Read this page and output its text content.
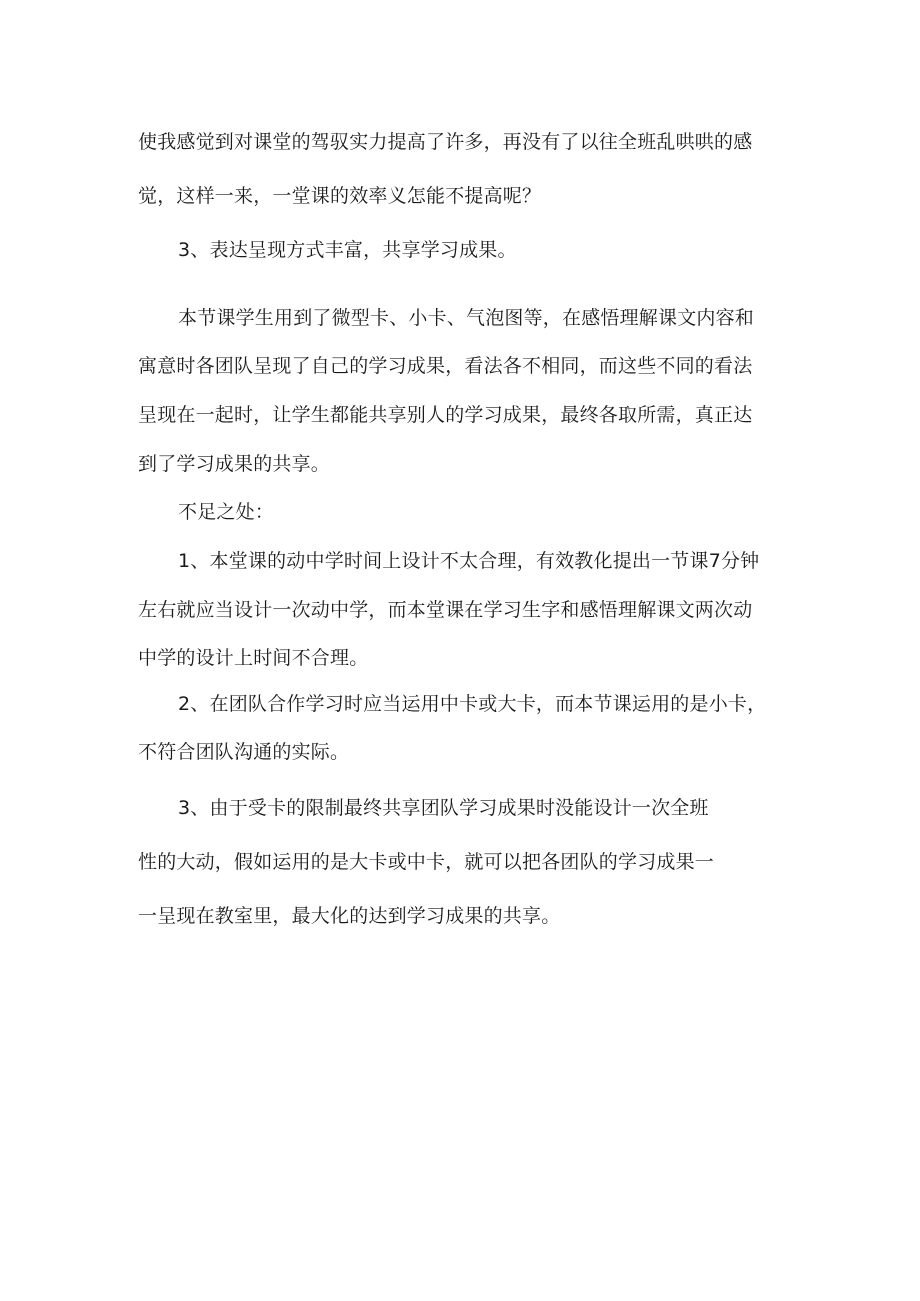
使我感觉到对课堂的驾驭实力提高了许多，再没有了以往全班乱哄哄的感
觉，这样一来，一堂课的效率义怎能不提高呢？
3、表达呈现方式丰富，共享学习成果。
本节课学生用到了微型卡、小卡、气泡图等，在感悟理解课文内容和
寓意时各团队呈现了自己的学习成果，看法各不相同，而这些不同的看法
呈现在一起时，让学生都能共享别人的学习成果，最终各取所需，真正达
到了学习成果的共享。
不足之处：
1、本堂课的动中学时间上设计不太合理，有效教化提出一节课7分钟
左右就应当设计一次动中学，而本堂课在学习生字和感悟理解课文两次动
中学的设计上时间不合理。
2、在团队合作学习时应当运用中卡或大卡，而本节课运用的是小卡，
不符合团队沟通的实际。
3、由于受卡的限制最终共享团队学习成果时没能设计一次全班
性的大动，假如运用的是大卡或中卡，就可以把各团队的学习成果一
一呈现在教室里，最大化的达到学习成果的共享。
